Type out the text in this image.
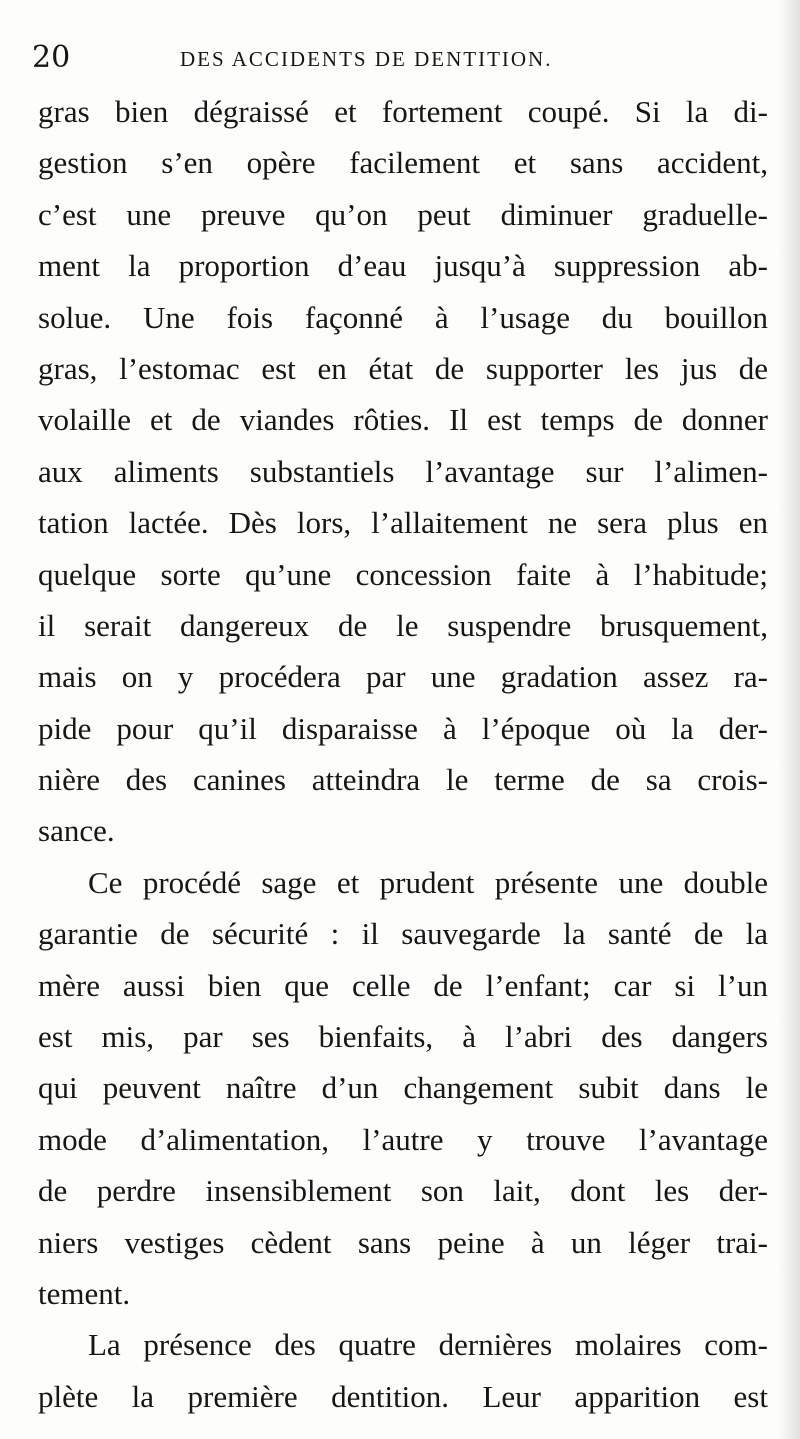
20	DES ACCIDENTS DE DENTITION.
gras bien dégraissé et fortement coupé. Si la di-
gestion s’en opère facilement et sans accident,
c’est une preuve qu’on peut diminuer graduelle-
ment la proportion d’eau jusqu’à suppression ab-
solue. Une fois façonné à l’usage du bouillon
gras, l’estomac est en état de supporter les jus de
volaille et de viandes rôties. Il est temps de donner
aux aliments substantiels l’avantage sur l’alimen-
tation lactée. Dès lors, l’allaitement ne sera plus en
quelque sorte qu’une concession faite à l’habitude;
il serait dangereux de le suspendre brusquement,
mais on y procédera par une gradation assez ra-
pide pour qu’il disparaisse à l’époque où la der-
nière des canines atteindra le terme de sa crois-
sance.
Ce procédé sage et prudent présente une double
garantie de sécurité : il sauvegarde la santé de la
mère aussi bien que celle de l’enfant; car si l’un
est mis, par ses bienfaits, à l’abri des dangers
qui peuvent naître d’un changement subit dans le
mode d’alimentation, l’autre y trouve l’avantage
de perdre insensiblement son lait, dont les der-
niers vestiges cèdent sans peine à un léger trai-
tement.
La présence des quatre dernières molaires com-
plète la première dentition. Leur apparition est
